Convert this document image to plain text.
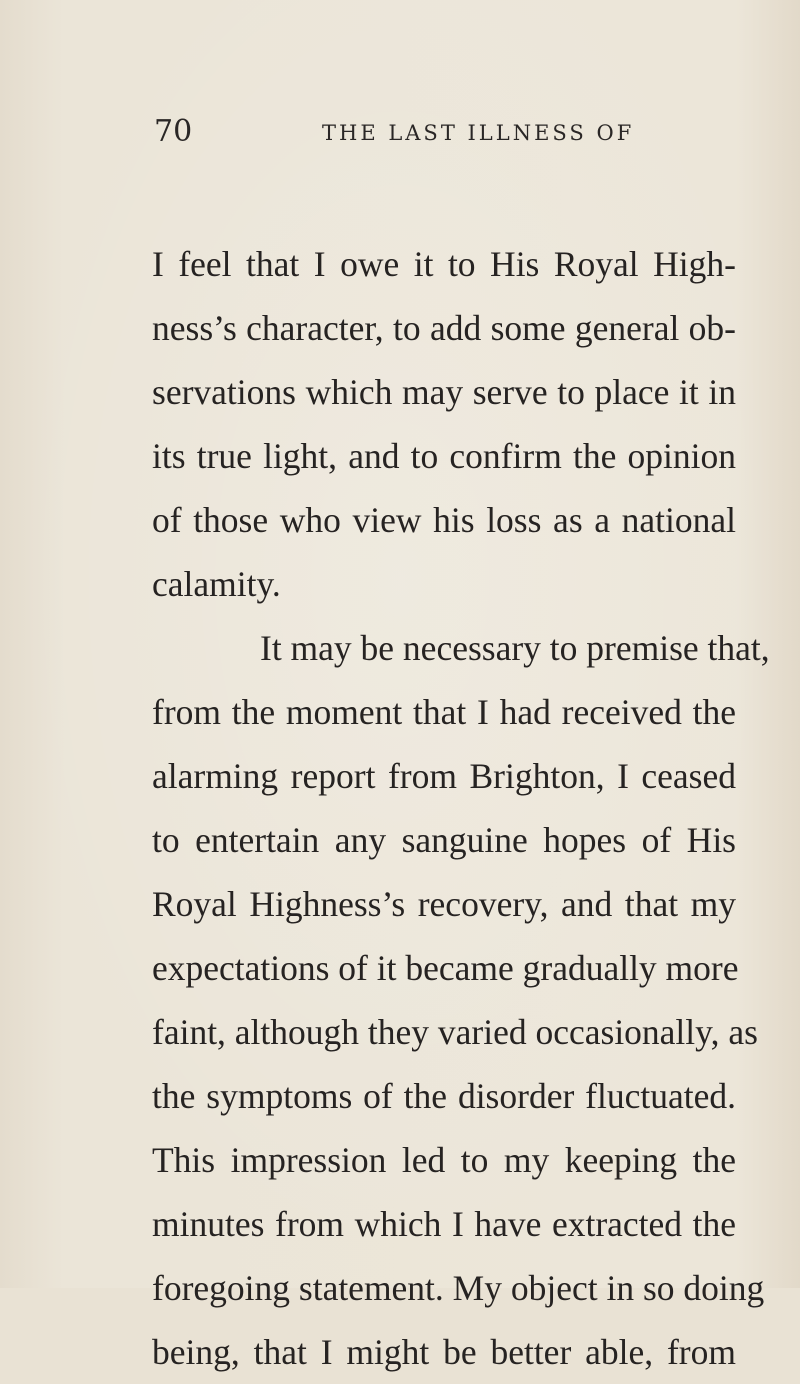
70	THE LAST ILLNESS OF
I feel that I owe it to His Royal High-
ness’s character, to add some general ob-
servations which may serve to place it in
its true light, and to confirm the opinion
of those who view his loss as a national
calamity.
It may be necessary to premise that,
from the moment that I had received the
alarming report from Brighton, I ceased
to entertain any sanguine hopes of His
Royal Highness’s recovery, and that my
expectations of it became gradually more
faint, although they varied occasionally, as
the symptoms of the disorder fluctuated.
This impression led to my keeping the
minutes from which I have extracted the
foregoing statement. My object in so doing
being, that I might be better able, from
